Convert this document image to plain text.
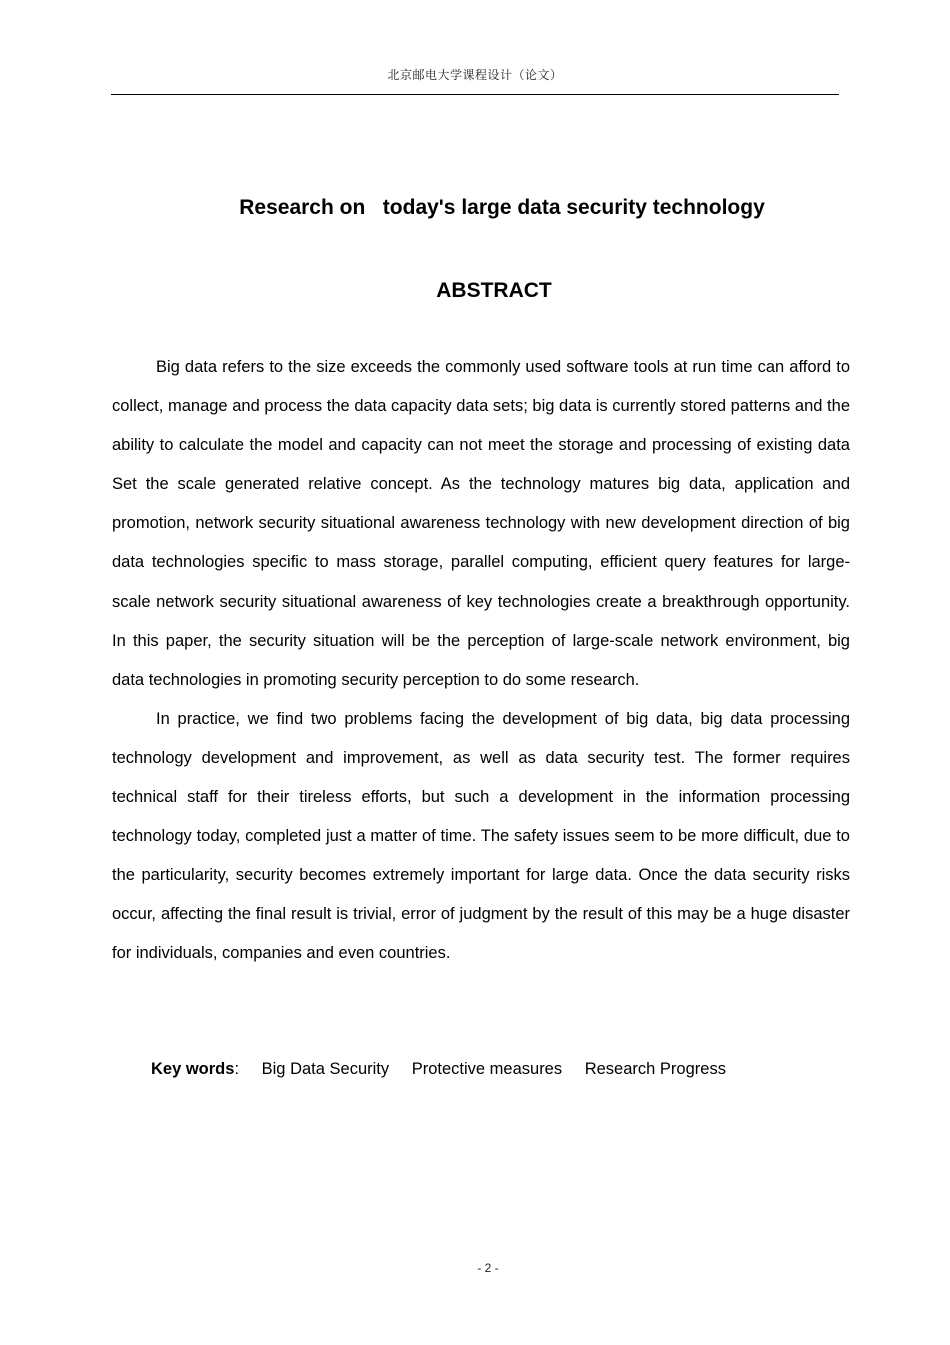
北京邮电大学课程设计（论文）
Research on   today's large data security technology
ABSTRACT

Big data refers to the size exceeds the commonly used software tools at run time can afford to collect, manage and process the data capacity data sets; big data is currently stored patterns and the ability to calculate the model and capacity can not meet the storage and processing of existing data Set the scale generated relative concept. As the technology matures big data, application and promotion, network security situational awareness technology with new development direction of big data technologies specific to mass storage, parallel computing, efficient query features for large-scale network security situational awareness of key technologies create a breakthrough opportunity. In this paper, the security situation will be the perception of large-scale network environment, big data technologies in promoting security perception to do some research.

In practice, we find two problems facing the development of big data, big data processing technology development and improvement, as well as data security test. The former requires technical staff for their tireless efforts, but such a development in the information processing technology today, completed just a matter of time. The safety issues seem to be more difficult, due to the particularity, security becomes extremely important for large data. Once the data security risks occur, affecting the final result is trivial, error of judgment by the result of this may be a huge disaster for individuals, companies and even countries.

Key words: Big Data Security Protective measures Research Progress
- 2 -
